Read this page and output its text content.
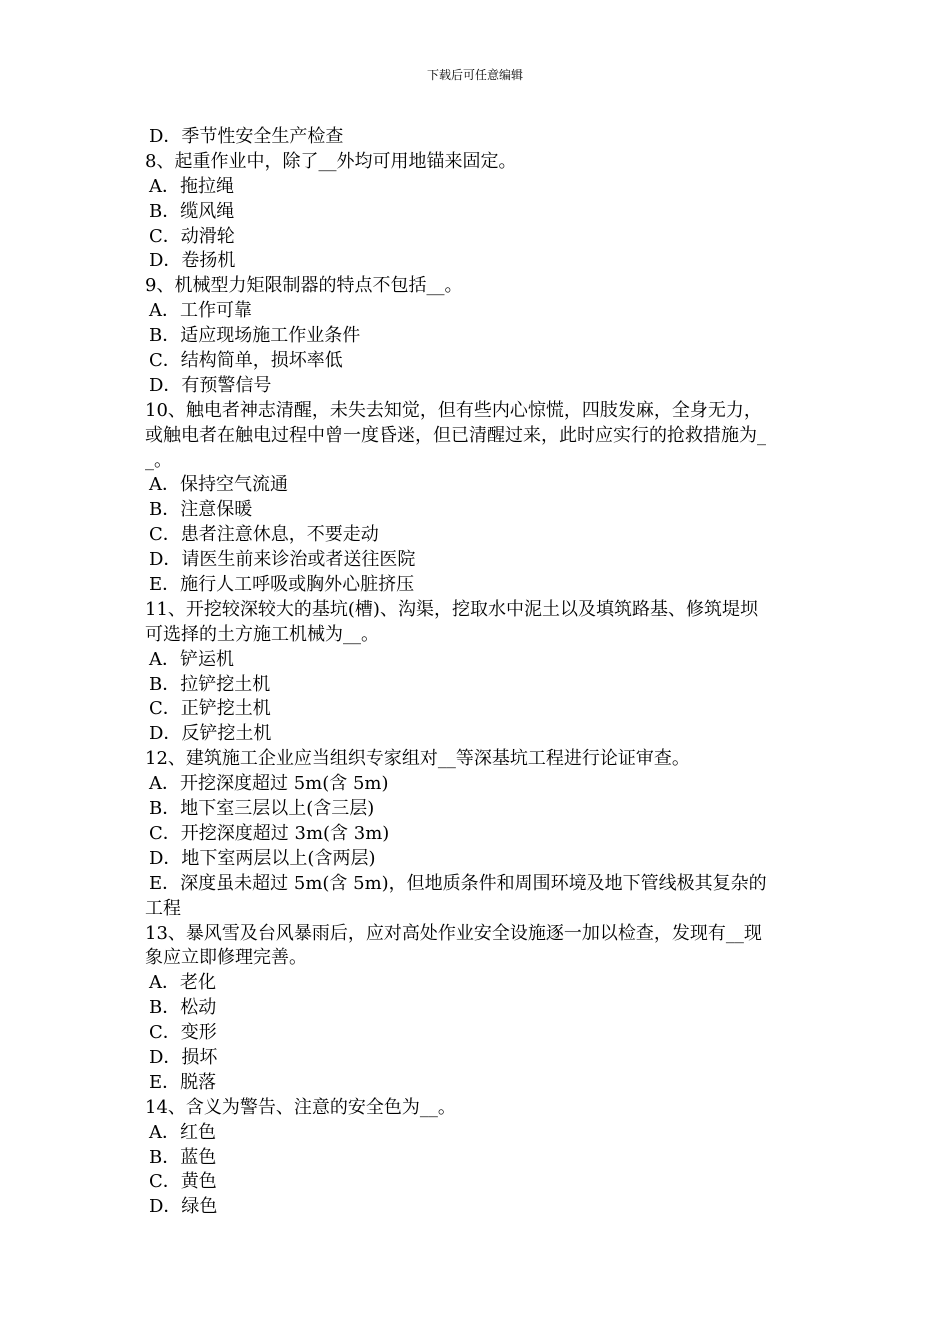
下载后可任意编辑
D．季节性安全生产检查
8、起重作业中，除了__外均可用地锚来固定。
A．拖拉绳
B．缆风绳
C．动滑轮
D．卷扬机
9、机械型力矩限制器的特点不包括__。
A．工作可靠
B．适应现场施工作业条件
C．结构简单，损坏率低
D．有预警信号
10、触电者神志清醒，未失去知觉，但有些内心惊慌，四肢发麻，全身无力，
或触电者在触电过程中曾一度昏迷，但已清醒过来，此时应实行的抢救措施为_
_。
A．保持空气流通
B．注意保暖
C．患者注意休息，不要走动
D．请医生前来诊治或者送往医院
E．施行人工呼吸或胸外心脏挤压
11、开挖较深较大的基坑(槽)、沟渠，挖取水中泥土以及填筑路基、修筑堤坝
可选择的土方施工机械为__。
A．铲运机
B．拉铲挖土机
C．正铲挖土机
D．反铲挖土机
12、建筑施工企业应当组织专家组对__等深基坑工程进行论证审查。
A．开挖深度超过 5m(含 5m)
B．地下室三层以上(含三层)
C．开挖深度超过 3m(含 3m)
D．地下室两层以上(含两层)
E．深度虽未超过 5m(含 5m)，但地质条件和周围环境及地下管线极其复杂的
工程
13、暴风雪及台风暴雨后，应对高处作业安全设施逐一加以检查，发现有__现
象应立即修理完善。
A．老化
B．松动
C．变形
D．损坏
E．脱落
14、含义为警告、注意的安全色为__。
A．红色
B．蓝色
C．黄色
D．绿色
